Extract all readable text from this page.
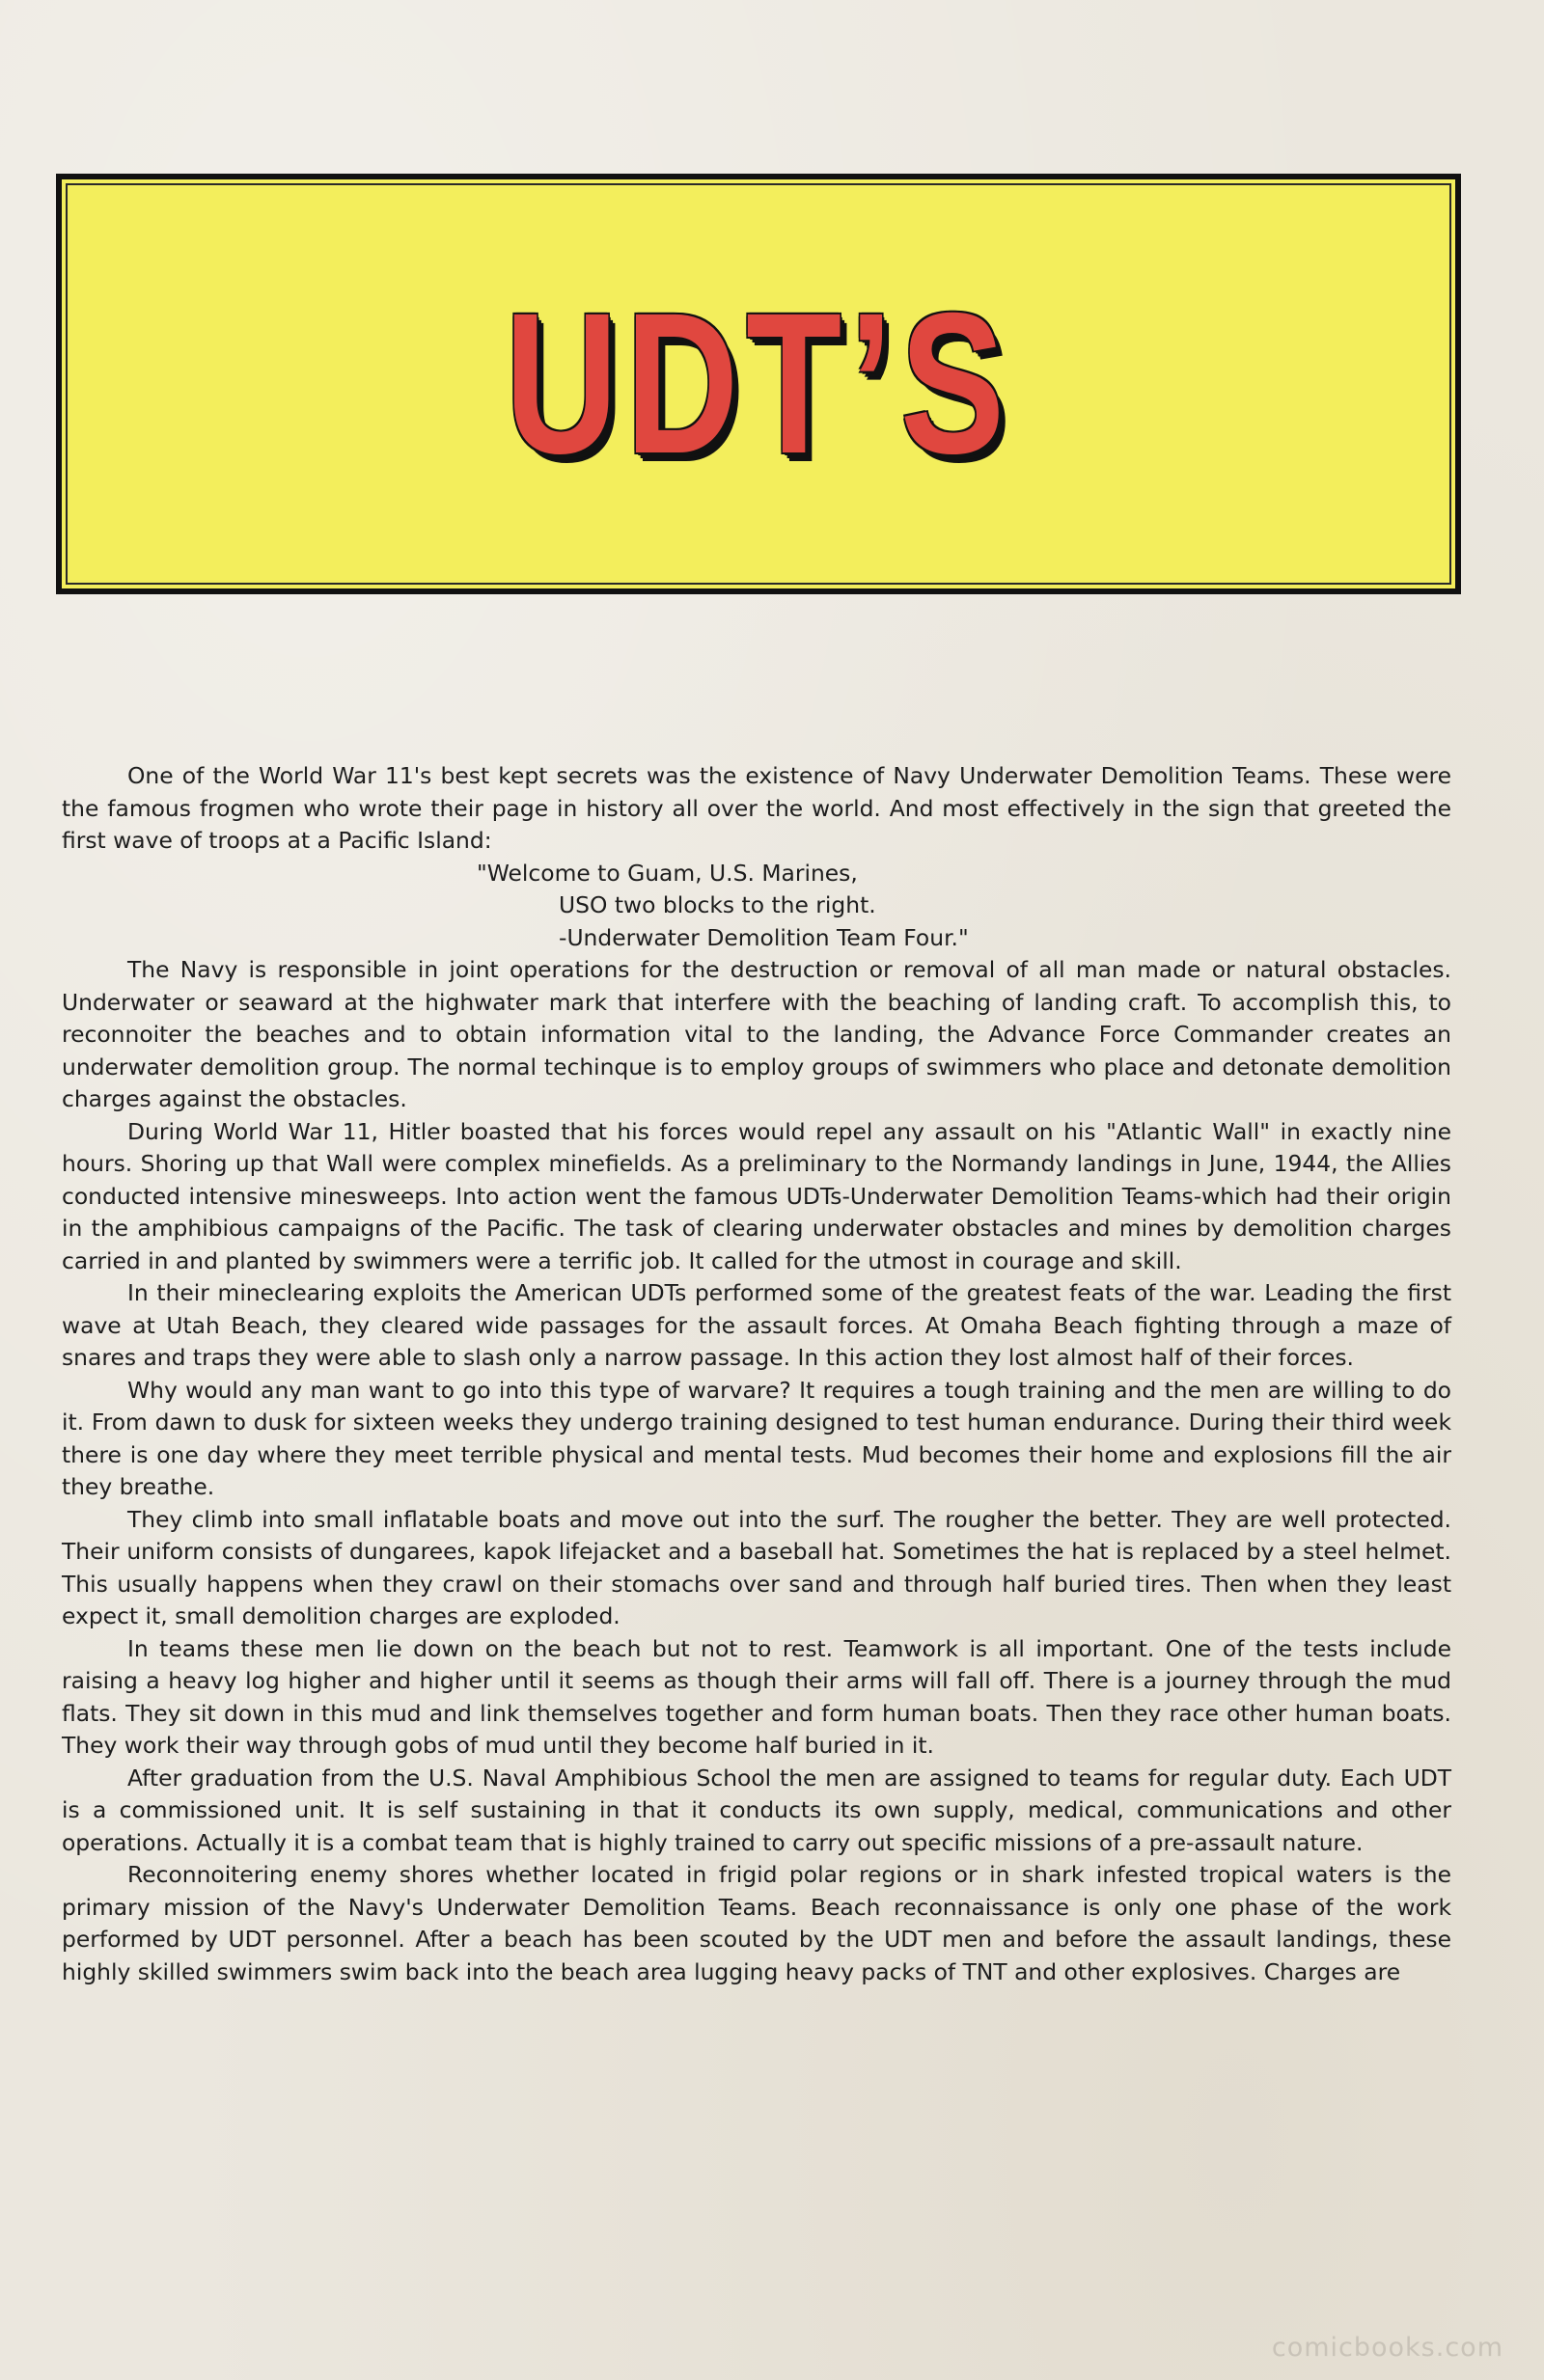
UDT’S

One of the World War 11's best kept secrets was the existence of Navy Underwater Demolition Teams. These were the famous frogmen who wrote their page in history all over the world. And most effectively in the sign that greeted the first wave of troops at a Pacific Island:

"Welcome to Guam, U.S. Marines,
USO two blocks to the right.
-Underwater Demolition Team Four."

The Navy is responsible in joint operations for the destruction or removal of all man made or natural obstacles. Underwater or seaward at the highwater mark that interfere with the beaching of landing craft. To accomplish this, to reconnoiter the beaches and to obtain information vital to the landing, the Advance Force Commander creates an underwater demolition group. The normal techinque is to employ groups of swimmers who place and detonate demolition charges against the obstacles.

During World War 11, Hitler boasted that his forces would repel any assault on his "Atlantic Wall" in exactly nine hours. Shoring up that Wall were complex minefields. As a preliminary to the Normandy landings in June, 1944, the Allies conducted intensive minesweeps. Into action went the famous UDTs-Underwater Demolition Teams-which had their origin in the amphibious campaigns of the Pacific. The task of clearing underwater obstacles and mines by demolition charges carried in and planted by swimmers were a terrific job. It called for the utmost in courage and skill.

In their mineclearing exploits the American UDTs performed some of the greatest feats of the war. Leading the first wave at Utah Beach, they cleared wide passages for the assault forces. At Omaha Beach fighting through a maze of snares and traps they were able to slash only a narrow passage. In this action they lost almost half of their forces.

Why would any man want to go into this type of warvare? It requires a tough training and the men are willing to do it. From dawn to dusk for sixteen weeks they undergo training designed to test human endurance. During their third week there is one day where they meet terrible physical and mental tests. Mud becomes their home and explosions fill the air they breathe.

They climb into small inflatable boats and move out into the surf. The rougher the better. They are well protected. Their uniform consists of dungarees, kapok lifejacket and a baseball hat. Sometimes the hat is replaced by a steel helmet. This usually happens when they crawl on their stomachs over sand and through half buried tires. Then when they least expect it, small demolition charges are exploded.

In teams these men lie down on the beach but not to rest. Teamwork is all important. One of the tests include raising a heavy log higher and higher until it seems as though their arms will fall off. There is a journey through the mud flats. They sit down in this mud and link themselves together and form human boats. Then they race other human boats. They work their way through gobs of mud until they become half buried in it.

After graduation from the U.S. Naval Amphibious School the men are assigned to teams for regular duty. Each UDT is a commissioned unit. It is self sustaining in that it conducts its own supply, medical, communications and other operations. Actually it is a combat team that is highly trained to carry out specific missions of a pre-assault nature.

Reconnoitering enemy shores whether located in frigid polar regions or in shark infested tropical waters is the primary mission of the Navy's Underwater Demolition Teams. Beach reconnaissance is only one phase of the work performed by UDT personnel. After a beach has been scouted by the UDT men and before the assault landings, these highly skilled swimmers swim back into the beach area lugging heavy packs of TNT and other explosives. Charges are

comicbooks.com
